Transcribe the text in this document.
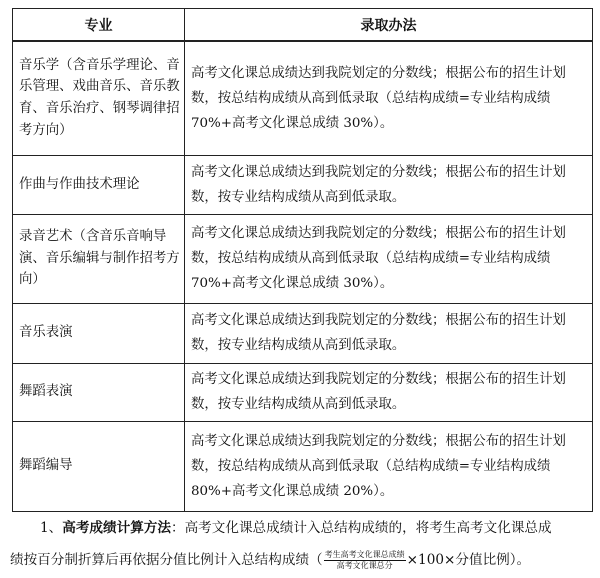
专业	录取办法
音乐学（含音乐学理论、音乐管理、戏曲音乐、音乐教育、音乐治疗、钢琴调律招考方向）	高考文化课总成绩达到我院划定的分数线；根据公布的招生计划数，按总结构成绩从高到低录取（总结构成绩=专业结构成绩 70%+高考文化课总成绩 30%）。
作曲与作曲技术理论	高考文化课总成绩达到我院划定的分数线；根据公布的招生计划数，按专业结构成绩从高到低录取。
录音艺术（含音乐音响导演、音乐编辑与制作招考方向）	高考文化课总成绩达到我院划定的分数线；根据公布的招生计划数，按总结构成绩从高到低录取（总结构成绩=专业结构成绩 70%+高考文化课总成绩 30%）。
音乐表演	高考文化课总成绩达到我院划定的分数线；根据公布的招生计划数，按专业结构成绩从高到低录取。
舞蹈表演	高考文化课总成绩达到我院划定的分数线；根据公布的招生计划数，按专业结构成绩从高到低录取。
舞蹈编导	高考文化课总成绩达到我院划定的分数线；根据公布的招生计划数，按总结构成绩从高到低录取（总结构成绩=专业结构成绩 80%+高考文化课总成绩 20%）。

1、高考成绩计算方法：高考文化课总成绩计入总结构成绩的，将考生高考文化课总成

绩按百分制折算后再依据分值比例计入总结构成绩（ $\frac{\text{考生高考文化课总成绩}}{\text{高考文化课总分}} \times 100\times$分值比例）。
